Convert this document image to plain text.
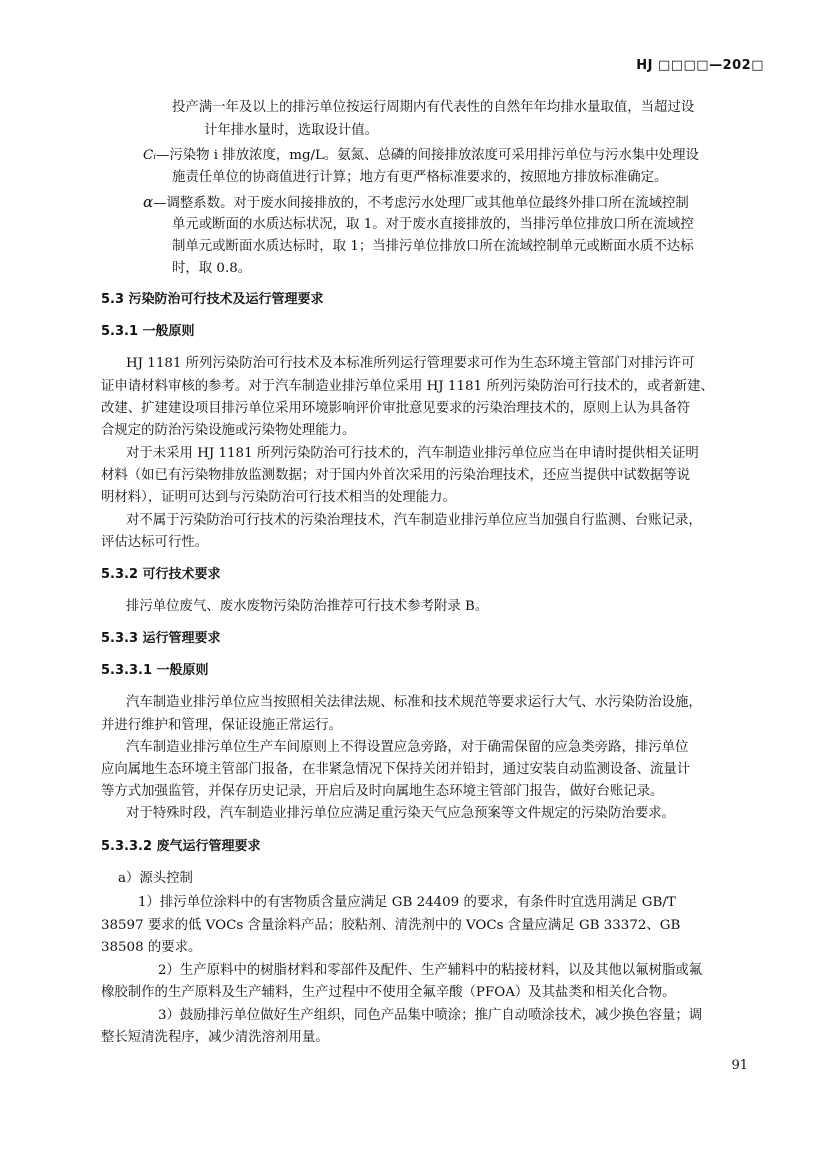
HJ □□□□—202□
投产满一年及以上的排污单位按运行周期内有代表性的自然年年均排水量取值，当超过设
计年排水量时，选取设计值。
Cᵢ—污染物 i 排放浓度，mg/L。氨氮、总磷的间接排放浓度可采用排污单位与污水集中处理设
施责任单位的协商值进行计算；地方有更严格标准要求的，按照地方排放标准确定。
α—调整系数。对于废水间接排放的，不考虑污水处理厂或其他单位最终外排口所在流域控制
单元或断面的水质达标状况，取 1。对于废水直接排放的，当排污单位排放口所在流域控
制单元或断面水质达标时，取 1；当排污单位排放口所在流域控制单元或断面水质不达标
时，取 0.8。
5.3 污染防治可行技术及运行管理要求
5.3.1 一般原则
HJ 1181 所列污染防治可行技术及本标准所列运行管理要求可作为生态环境主管部门对排污许可
证申请材料审核的参考。对于汽车制造业排污单位采用 HJ 1181 所列污染防治可行技术的，或者新建、
改建、扩建建设项目排污单位采用环境影响评价审批意见要求的污染治理技术的，原则上认为具备符
合规定的防治污染设施或污染物处理能力。
对于未采用 HJ 1181 所列污染防治可行技术的，汽车制造业排污单位应当在申请时提供相关证明
材料（如已有污染物排放监测数据；对于国内外首次采用的污染治理技术，还应当提供中试数据等说
明材料），证明可达到与污染防治可行技术相当的处理能力。
对不属于污染防治可行技术的污染治理技术，汽车制造业排污单位应当加强自行监测、台账记录，
评估达标可行性。
5.3.2 可行技术要求
排污单位废气、废水废物污染防治推荐可行技术参考附录 B。
5.3.3 运行管理要求
5.3.3.1 一般原则
汽车制造业排污单位应当按照相关法律法规、标准和技术规范等要求运行大气、水污染防治设施，
并进行维护和管理，保证设施正常运行。
汽车制造业排污单位生产车间原则上不得设置应急旁路，对于确需保留的应急类旁路，排污单位
应向属地生态环境主管部门报备，在非紧急情况下保持关闭并铅封，通过安装自动监测设备、流量计
等方式加强监管，并保存历史记录，开启后及时向属地生态环境主管部门报告，做好台账记录。
对于特殊时段，汽车制造业排污单位应满足重污染天气应急预案等文件规定的污染防治要求。
5.3.3.2 废气运行管理要求
a）源头控制
1）排污单位涂料中的有害物质含量应满足 GB 24409 的要求，有条件时宜选用满足 GB/T
38597 要求的低 VOCs 含量涂料产品；胶粘剂、清洗剂中的 VOCs 含量应满足 GB 33372、GB
38508 的要求。
2）生产原料中的树脂材料和零部件及配件、生产辅料中的粘接材料，以及其他以氟树脂或氟
橡胶制作的生产原料及生产辅料，生产过程中不使用全氟辛酸（PFOA）及其盐类和相关化合物。
3）鼓励排污单位做好生产组织，同色产品集中喷涂；推广自动喷涂技术，减少换色容量；调
整长短清洗程序，减少清洗溶剂用量。
91
